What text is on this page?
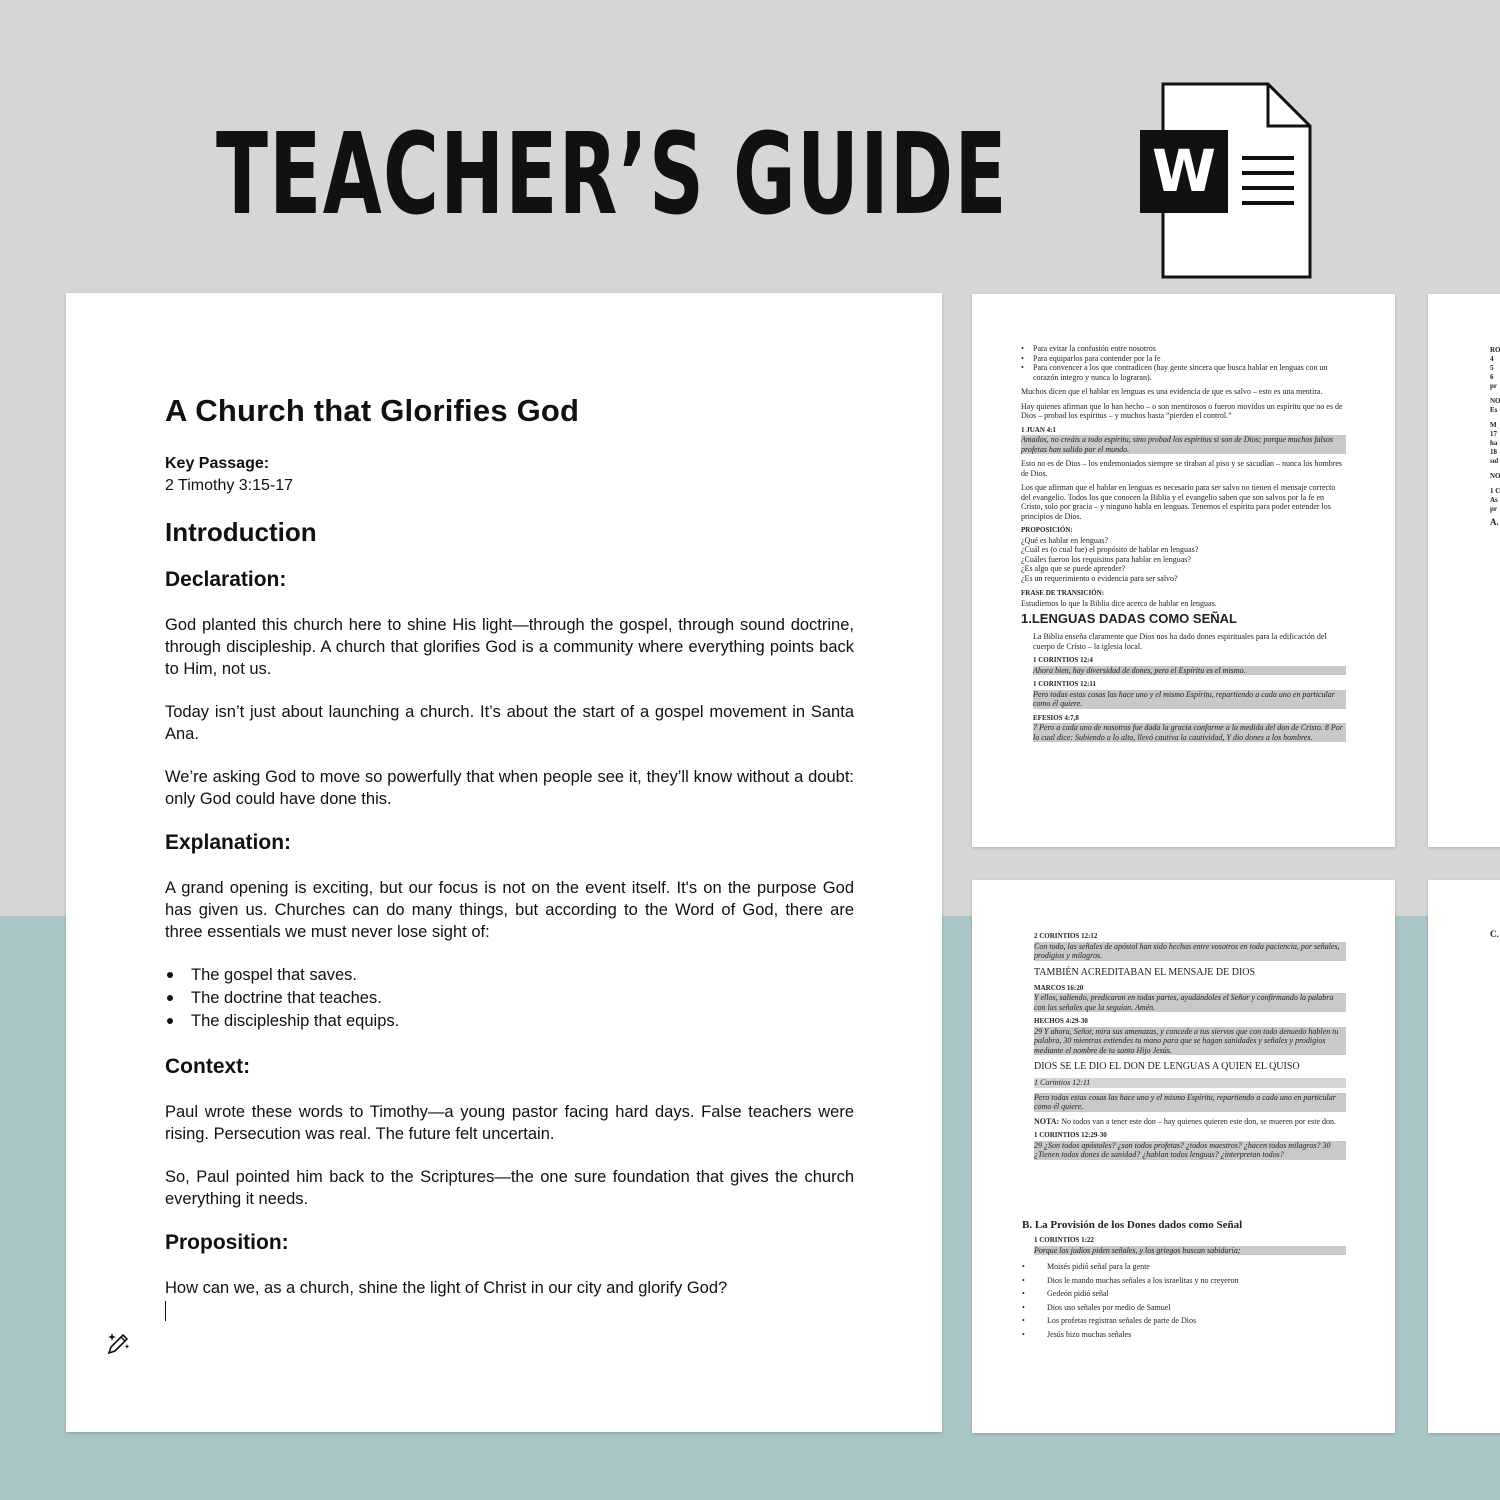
TEACHER’S GUIDE W
A Church that Glorifies God
Key Passage:
2 Timothy 3:15-17
Introduction
Declaration:

God planted this church here to shine His light—through the gospel, through sound doctrine, through discipleship. A church that glorifies God is a community where everything points back to Him, not us.

Today isn’t just about launching a church. It’s about the start of a gospel movement in Santa Ana.

We’re asking God to move so powerfully that when people see it, they’ll know without a doubt: only God could have done this.

Explanation:

A grand opening is exciting, but our focus is not on the event itself. It's on the purpose God has given us. Churches can do many things, but according to the Word of God, there are three essentials we must never lose sight of:

The gospel that saves.
The doctrine that teaches.
The discipleship that equips.
Context:

Paul wrote these words to Timothy—a young pastor facing hard days. False teachers were rising. Persecution was real. The future felt uncertain.

So, Paul pointed him back to the Scriptures—the one sure foundation that gives the church everything it needs.

Proposition:

How can we, as a church, shine the light of Christ in our city and glorify God?

• Para evitar la confusión entre nosotros
• Para equiparlos para contender por la fe
• Para convencer a los que contradicen (hay gente sincera que busca hablar en lenguas con un corazón íntegro y nunca lo lograran).

Muchos dicen que el hablar en lenguas es una evidencia de que es salvo – esto es una mentira.

Hay quienes afirman que lo han hecho – o son mentirosos o fueron movidos un espíritu que no es de Dios – probad los espíritus – y muchos hasta “pierden el control.”

1 JUAN 4:1
Amados, no creáis a todo espíritu, sino probad los espíritus si son de Dios; porque muchos falsos profetas han salido por el mundo.

Esto no es de Dios – los endemoniados siempre se tiraban al piso y se sacudían – nunca los hombres de Dios.

Los que afirman que el hablar en lenguas es necesario para ser salvo no tienen el mensaje correcto del evangelio. Todos los que conocen la Biblia y el evangelio saben que son salvos por la fe en Cristo, solo por gracia – y ninguno habla en lenguas. Tenemos el espíritu para poder entender los principios de Dios.

PROPOSICIÓN:
¿Qué es hablar en lenguas?
¿Cuál es (o cual fue) el propósito de hablar en lenguas?
¿Cuáles fueron los requisitos para hablar en lenguas?
¿Es algo que se puede aprender?
¿Es un requerimiento o evidencia para ser salvo?
FRASE DE TRANSICIÓN:
Estudiemos lo que la Biblia dice acerca de hablar en lenguas.
1.LENGUAS DADAS COMO SEÑAL

La Biblia enseña claramente que Dios nos ha dado dones espirituales para la edificación del cuerpo de Cristo – la iglesia local.

1 CORINTIOS 12:4
Ahora bien, hay diversidad de dones, pero el Espíritu es el mismo.
1 CORINTIOS 12:11
Pero todas estas cosas las hace uno y el mismo Espíritu, repartiendo a cada uno en particular como él quiere.
EFESIOS 4:7,8
7 Pero a cada uno de nosotros fue dada la gracia conforme a la medida del don de Cristo. 8 Por lo cual dice: Subiendo a lo alto, llevó cautiva la cautividad, Y dio dones a los hombres.
2 CORINTIOS 12:12
Con todo, las señales de apóstol han sido hechas entre vosotros en toda paciencia, por señales, prodigios y milagros.
TAMBIÉN ACREDITABAN EL MENSAJE DE DIOS
MARCOS 16:20
Y ellos, saliendo, predicaron en todas partes, ayudándoles el Señor y confirmando la palabra con las señales que la seguían. Amén.
HECHOS 4:29-30
29 Y ahora, Señor, mira sus amenazas, y concede a tus siervos que con todo denuedo hablen tu palabra, 30 mientras extiendes tu mano para que se hagan sanidades y señales y prodigios mediante el nombre de tu santo Hijo Jesús.
DIOS SE LE DIO EL DON DE LENGUAS A QUIEN EL QUISO
1 Corintios 12:11
Pero todas estas cosas las hace uno y el mismo Espíritu, repartiendo a cada uno en particular como él quiere.

NOTA: No todos van a tener este don – hay quienes quieren este don, se mueren por este don.

1 CORINTIOS 12:29-30
29 ¿Son todos apóstoles? ¿son todos profetas? ¿todos maestros? ¿hacen todos milagros? 30 ¿Tienen todos dones de sanidad? ¿hablan todos lenguas? ¿interpretan todos?
B. La Provisión de los Dones dados como Señal
1 CORINTIOS 1:22
Porque los judíos piden señales, y los griegos buscan sabiduría;
• Moisés pidió señal para la gente
• Dios le mando muchas señales a los israelitas y no creyeron
• Gedeón pidió señal
• Dios uso señales por medio de Samuel
• Los profetas registran señales de parte de Dios
• Jesús hizo muchas señales
RO
4
5
6
pr
NO
Es
M
17
ha
18
sol
NO
1 C
As
pr
A.
C.
